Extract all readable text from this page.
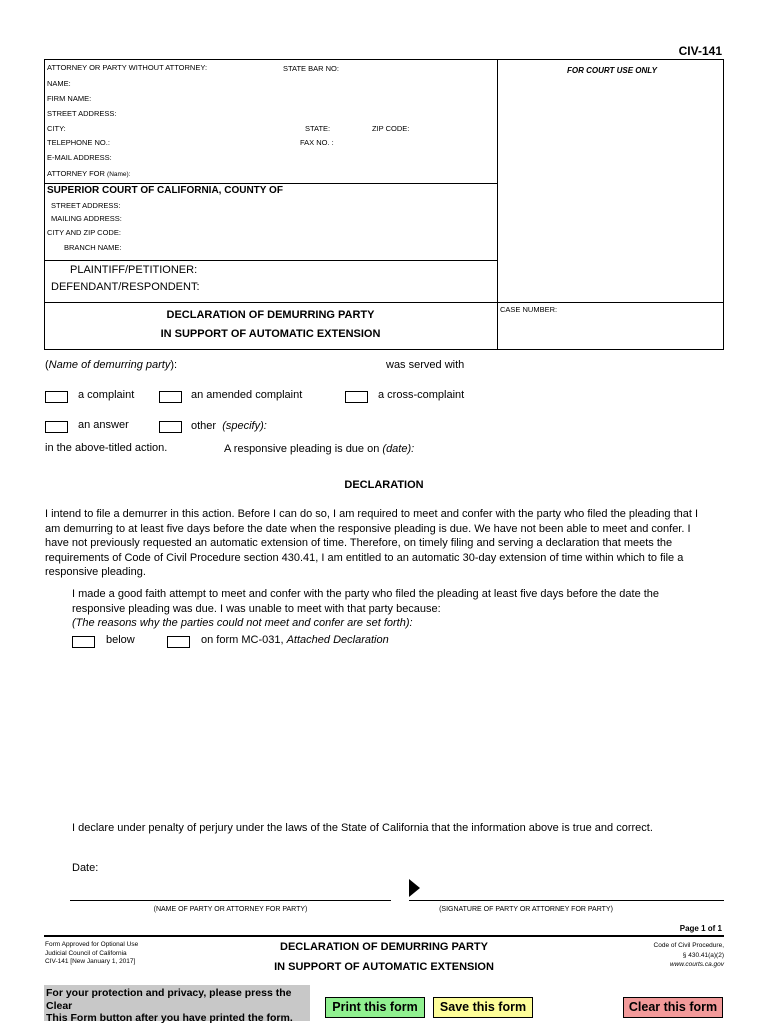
CIV-141
ATTORNEY OR PARTY WITHOUT ATTORNEY:	STATE BAR NO:	FOR COURT USE ONLY
NAME:
FIRM NAME:
STREET ADDRESS:
CITY:	STATE:	ZIP CODE:
TELEPHONE NO.:	FAX NO. :
E-MAIL ADDRESS:
ATTORNEY FOR (Name):
SUPERIOR COURT OF CALIFORNIA, COUNTY OF
STREET ADDRESS:
MAILING ADDRESS:
CITY AND ZIP CODE:
BRANCH NAME:
PLAINTIFF/PETITIONER:
DEFENDANT/RESPONDENT:
DECLARATION OF DEMURRING PARTY
IN SUPPORT OF AUTOMATIC EXTENSION
CASE NUMBER:
(Name of demurring party):	was served with
a complaint	an amended complaint	a cross-complaint
an answer	other (specify):
in the above-titled action.	A responsive pleading is due on (date):
DECLARATION
I intend to file a demurrer in this action. Before I can do so, I am required to meet and confer with the party who filed the pleading that I
am demurring to at least five days before the date when the responsive pleading is due. We have not been able to meet and confer. I
have not previously requested an automatic extension of time. Therefore, on timely filing and serving a declaration that meets the
requirements of Code of Civil Procedure section 430.41, I am entitled to an automatic 30-day extension of time within which to file a
responsive pleading.
I made a good faith attempt to meet and confer with the party who filed the pleading at least five days before the date the
responsive pleading was due. I was unable to meet with that party because:
(The reasons why the parties could not meet and confer are set forth):
below	on form MC-031, Attached Declaration
I declare under penalty of perjury under the laws of the State of California that the information above is true and correct.
Date:
(NAME OF PARTY OR ATTORNEY FOR PARTY)	(SIGNATURE OF PARTY OR ATTORNEY FOR PARTY)
Page 1 of 1
Form Approved for Optional Use
Judicial Council of California
CIV-141 [New January 1, 2017]
DECLARATION OF DEMURRING PARTY
IN SUPPORT OF AUTOMATIC EXTENSION
Code of Civil Procedure,
§ 430.41(a)(2)
www.courts.ca.gov
For your protection and privacy, please press the Clear
This Form button after you have printed the form.
Print this form	Save this form	Clear this form
